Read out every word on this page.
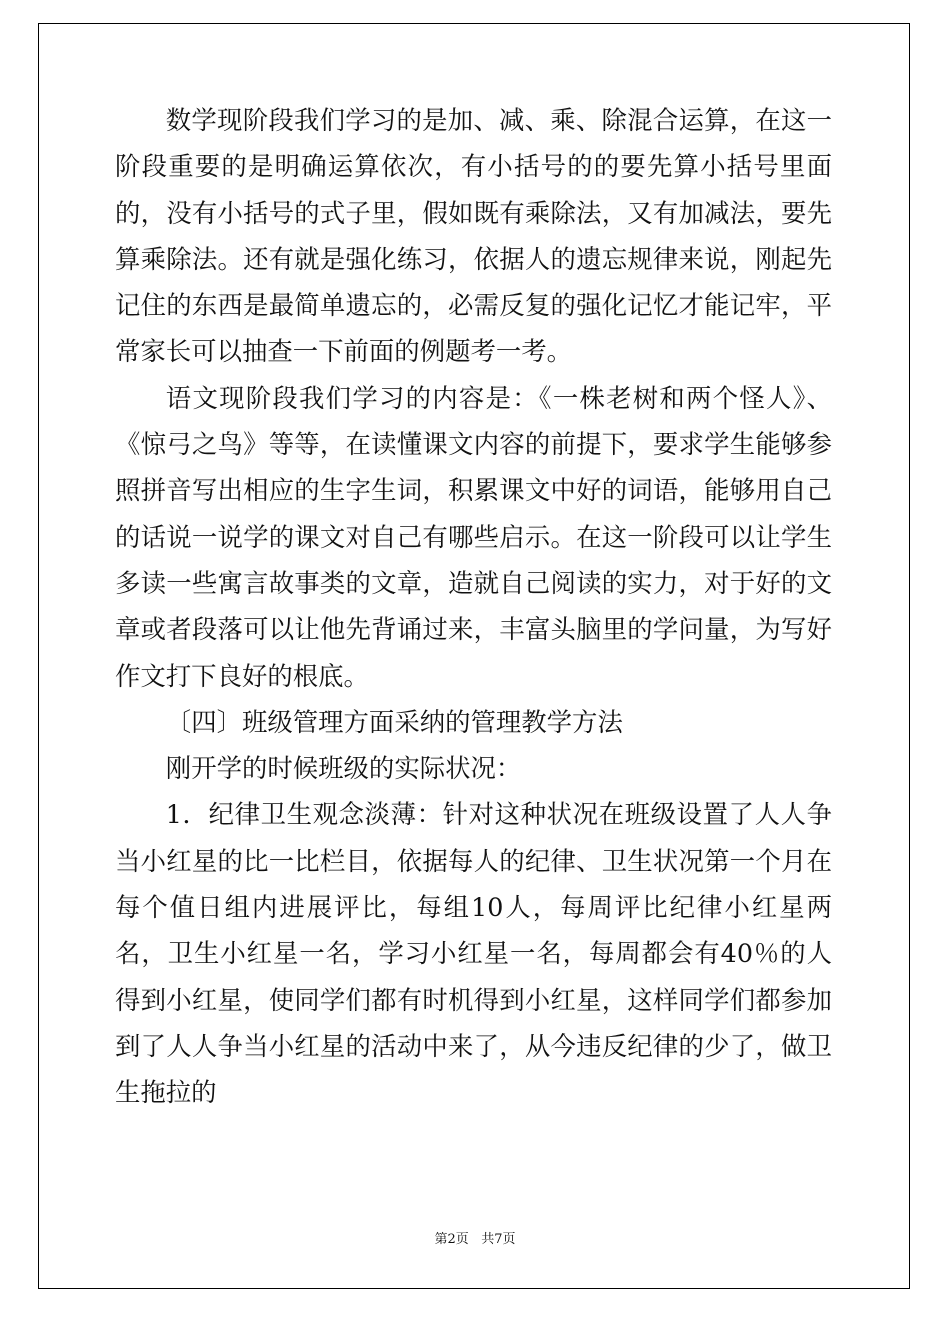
数学现阶段我们学习的是加、减、乘、除混合运算，在这一阶段重要的是明确运算依次，有小括号的的要先算小括号里面的，没有小括号的式子里，假如既有乘除法，又有加减法，要先算乘除法。还有就是强化练习，依据人的遗忘规律来说，刚起先记住的东西是最简单遗忘的，必需反复的强化记忆才能记牢，平常家长可以抽查一下前面的例题考一考。

语文现阶段我们学习的内容是：《一株老树和两个怪人》、《惊弓之鸟》等等，在读懂课文内容的前提下，要求学生能够参照拼音写出相应的生字生词，积累课文中好的词语，能够用自己的话说一说学的课文对自己有哪些启示。在这一阶段可以让学生多读一些寓言故事类的文章，造就自己阅读的实力，对于好的文章或者段落可以让他先背诵过来，丰富头脑里的学问量，为写好作文打下良好的根底。

〔四〕班级管理方面采纳的管理教学方法

刚开学的时候班级的实际状况：

1．纪律卫生观念淡薄：针对这种状况在班级设置了人人争当小红星的比一比栏目，依据每人的纪律、卫生状况第一个月在每个值日组内进展评比，每组10人，每周评比纪律小红星两名，卫生小红星一名，学习小红星一名，每周都会有40％的人得到小红星，使同学们都有时机得到小红星，这样同学们都参加到了人人争当小红星的活动中来了，从今违反纪律的少了，做卫生拖拉的

第2页 共7页
